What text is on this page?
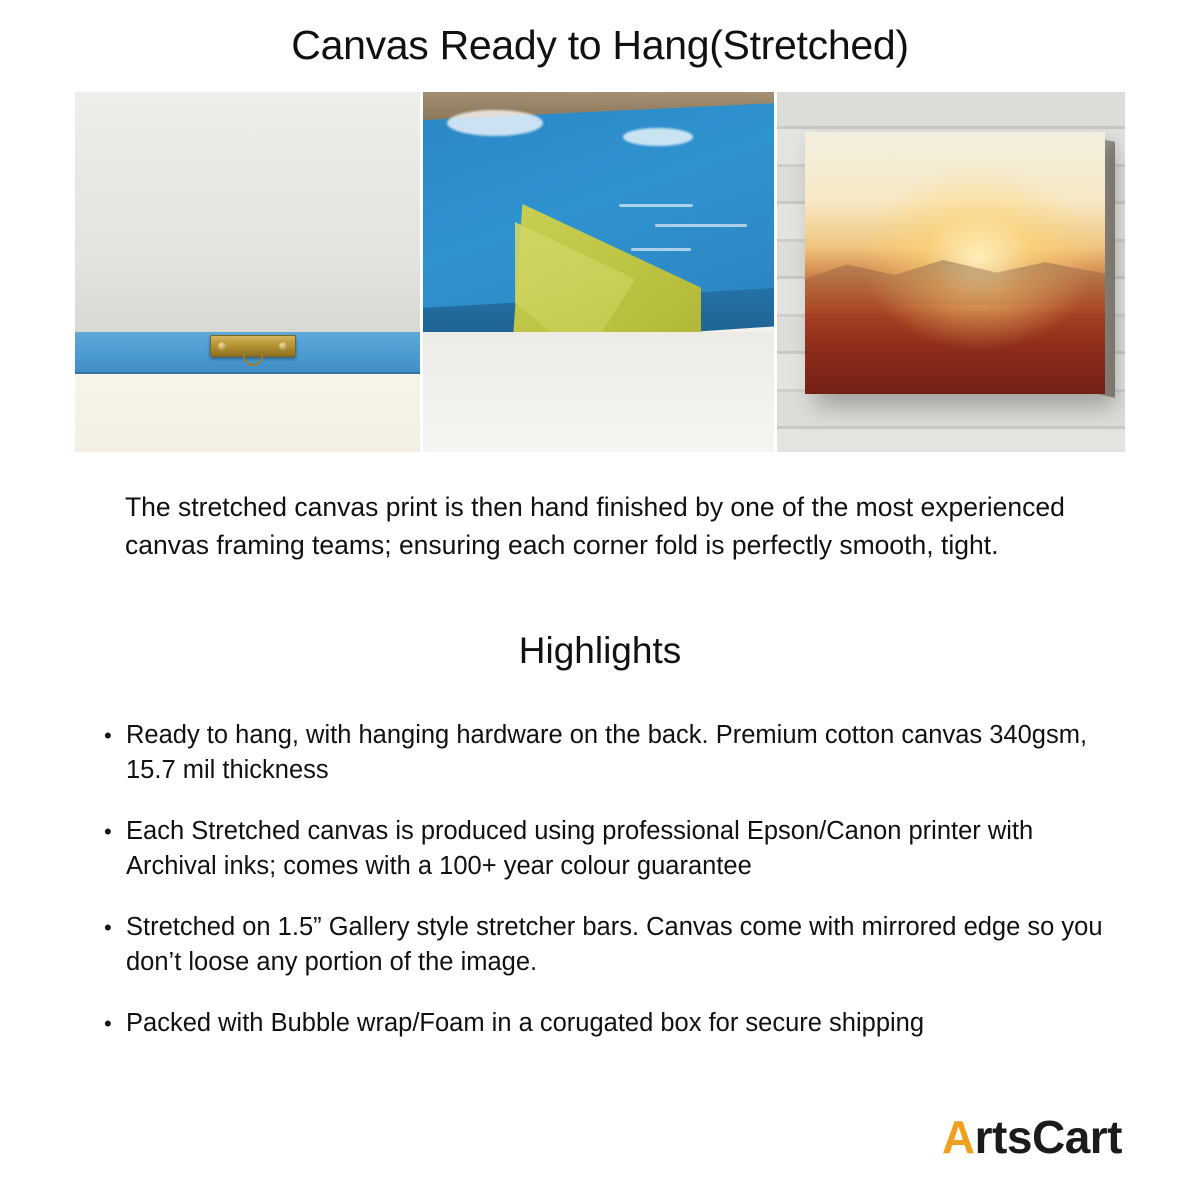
Canvas Ready to Hang(Stretched)
The stretched canvas print is then hand finished by one of the most experienced canvas framing teams; ensuring each corner fold is perfectly smooth, tight.
Highlights
• Ready to hang, with hanging hardware on the back. Premium cotton canvas 340gsm, 15.7 mil thickness
• Each Stretched canvas is produced using professional Epson/Canon printer with Archival inks; comes with a 100+ year colour guarantee
• Stretched on 1.5” Gallery style stretcher bars. Canvas come with mirrored edge so you don’t loose any portion of the image.
• Packed with Bubble wrap/Foam in a corugated box for secure shipping
ArtsCart
